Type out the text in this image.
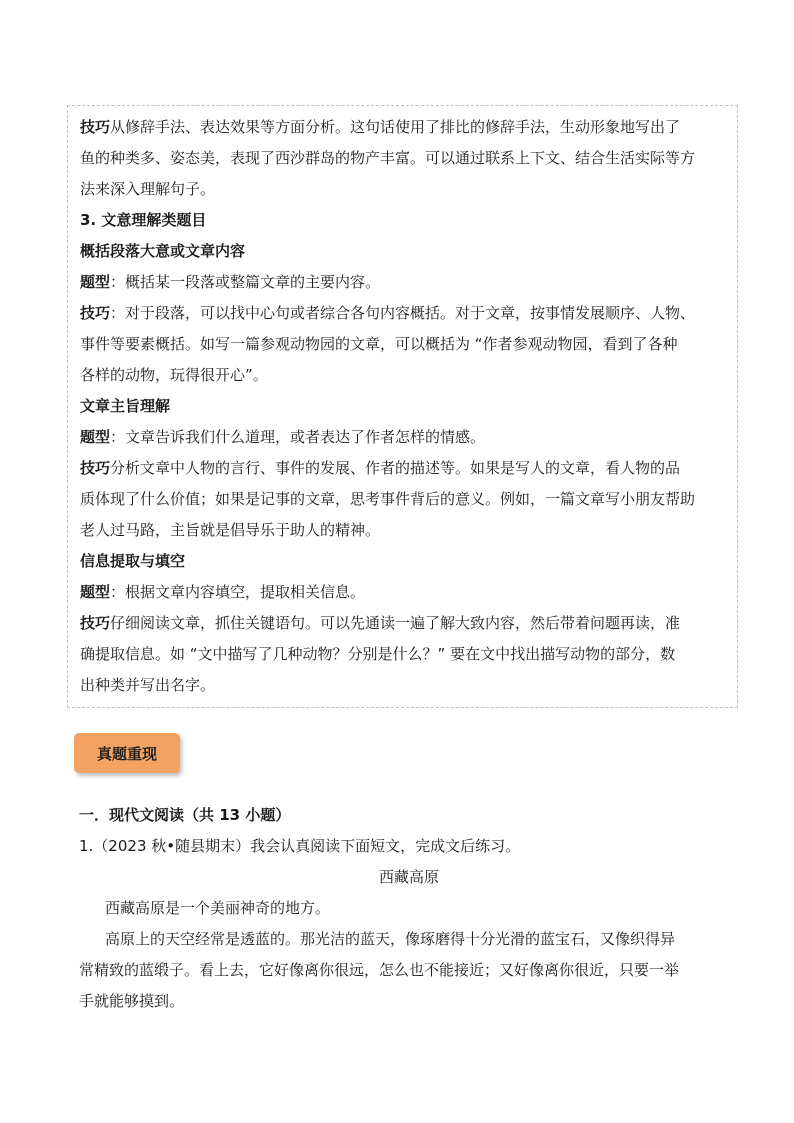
技巧从修辞手法、表达效果等方面分析。这句话使用了排比的修辞手法，生动形象地写出了

鱼的种类多、姿态美，表现了西沙群岛的物产丰富。可以通过联系上下文、结合生活实际等方

法来深入理解句子。

3. 文意理解类题目

概括段落大意或文章内容

题型：概括某一段落或整篇文章的主要内容。

技巧：对于段落，可以找中心句或者综合各句内容概括。对于文章，按事情发展顺序、人物、

事件等要素概括。如写一篇参观动物园的文章，可以概括为 “作者参观动物园，看到了各种

各样的动物，玩得很开心”。

文章主旨理解

题型：文章告诉我们什么道理，或者表达了作者怎样的情感。

技巧分析文章中人物的言行、事件的发展、作者的描述等。如果是写人的文章，看人物的品

质体现了什么价值；如果是记事的文章，思考事件背后的意义。例如，一篇文章写小朋友帮助

老人过马路，主旨就是倡导乐于助人的精神。

信息提取与填空

题型：根据文章内容填空，提取相关信息。

技巧仔细阅读文章，抓住关键语句。可以先通读一遍了解大致内容，然后带着问题再读，准

确提取信息。如 “文中描写了几种动物？分别是什么？” 要在文中找出描写动物的部分，数

出种类并写出名字。

真题重现

一．现代文阅读（共 13 小题）

1.（2023 秋•随县期末）我会认真阅读下面短文，完成文后练习。

西藏高原

西藏高原是一个美丽神奇的地方。

高原上的天空经常是透蓝的。那光洁的蓝天，像琢磨得十分光滑的蓝宝石，又像织得异

常精致的蓝缎子。看上去，它好像离你很远，怎么也不能接近；又好像离你很近，只要一举

手就能够摸到。
